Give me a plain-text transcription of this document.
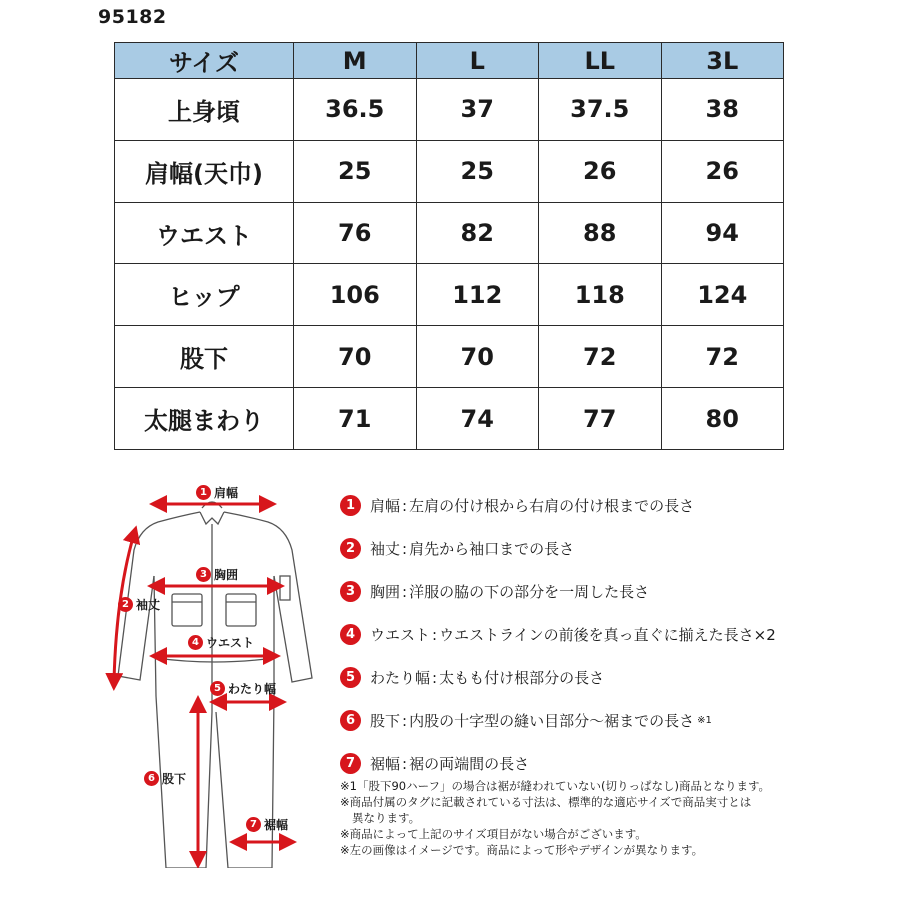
95182
サイズ	M	L	LL	3L
上身頃	36.5	37	37.5	38
肩幅(天巾)	25	25	26	26
ウエスト	76	82	88	94
ヒップ	106	112	118	124
股下	70	70	72	72
太腿まわり	71	74	77	80
1 肩幅
2 袖丈
3 胸囲
4 ウエスト
5 わたり幅
6 股下
7 裾幅
1 肩幅 : 左肩の付け根から右肩の付け根までの長さ
2 袖丈 : 肩先から袖口までの長さ
3 胸囲 : 洋服の脇の下の部分を一周した長さ
4 ウエスト : ウエストラインの前後を真っ直ぐに揃えた長さ×2
5 わたり幅 : 太もも付け根部分の長さ
6 股下 : 内股の十字型の縫い目部分～裾までの長さ ※1
7 裾幅 : 裾の両端間の長さ
※1「股下90ハーフ」の場合は裾が縫われていない(切りっぱなし)商品となります。
※商品付属のタグに記載されている寸法は、標準的な適応サイズで商品実寸とは
異なります。
※商品によって上記のサイズ項目がない場合がございます。
※左の画像はイメージです。商品によって形やデザインが異なります。
